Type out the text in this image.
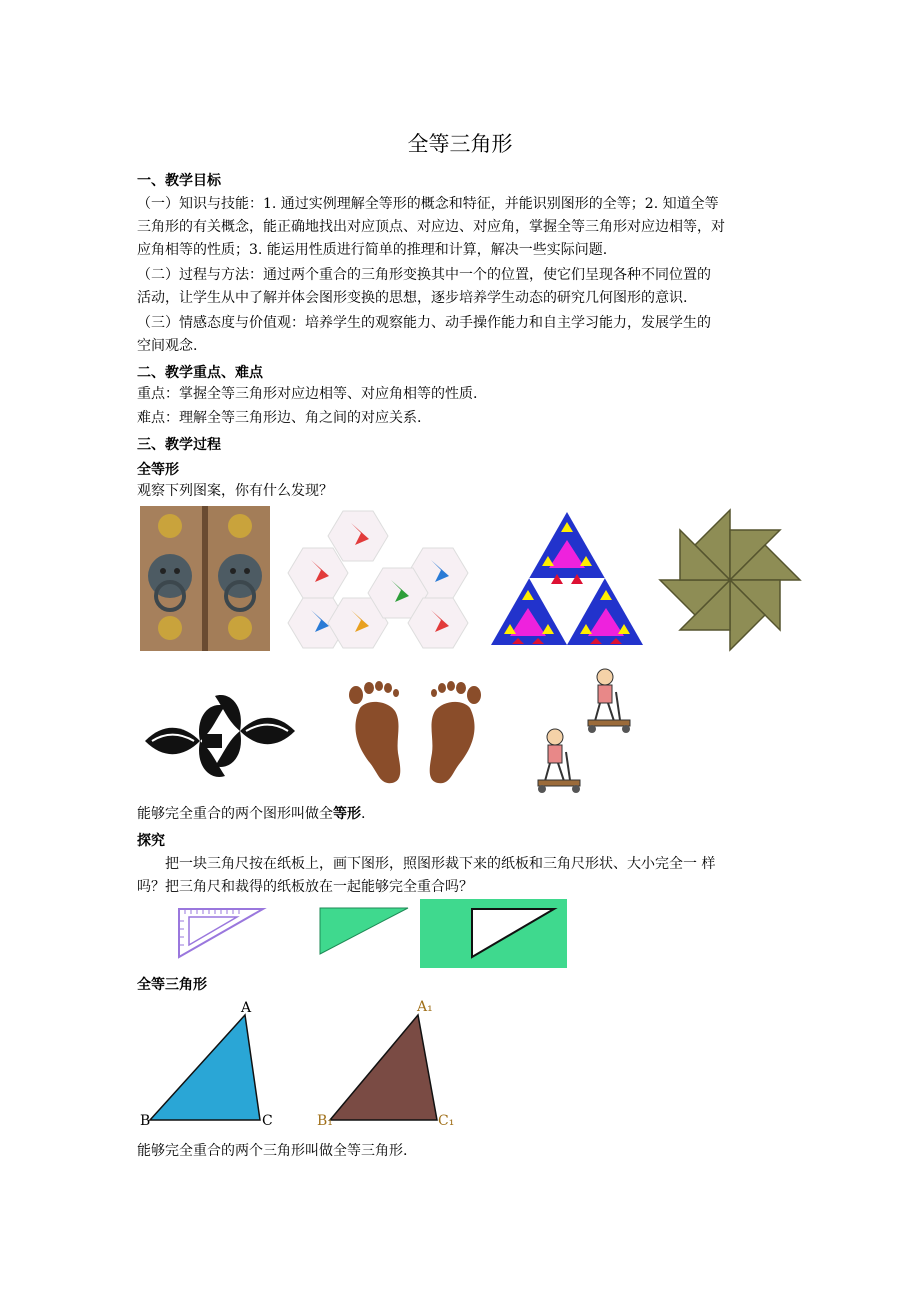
全等三角形
一、教学目标
（一）知识与技能：1. 通过实例理解全等形的概念和特征，并能识别图形的全等；2. 知道全等
三角形的有关概念，能正确地找出对应顶点、对应边、对应角，掌握全等三角形对应边相等，对
应角相等的性质；3. 能运用性质进行简单的推理和计算，解决一些实际问题.
（二）过程与方法：通过两个重合的三角形变换其中一个的位置，使它们呈现各种不同位置的
活动，让学生从中了解并体会图形变换的思想，逐步培养学生动态的研究几何图形的意识.
（三）情感态度与价值观：培养学生的观察能力、动手操作能力和自主学习能力，发展学生的
空间观念.
二、教学重点、难点
重点：掌握全等三角形对应边相等、对应角相等的性质.
难点：理解全等三角形边、角之间的对应关系.
三、教学过程
全等形
观察下列图案，你有什么发现？
能够完全重合的两个图形叫做全等形.
探究
　　把一块三角尺按在纸板上，画下图形，照图形裁下来的纸板和三角尺形状、大小完全一 样
吗？把三角尺和裁得的纸板放在一起能够完全重合吗？
全等三角形
A
B	C
A₁
B₁	C₁
能够完全重合的两个三角形叫做全等三角形.
